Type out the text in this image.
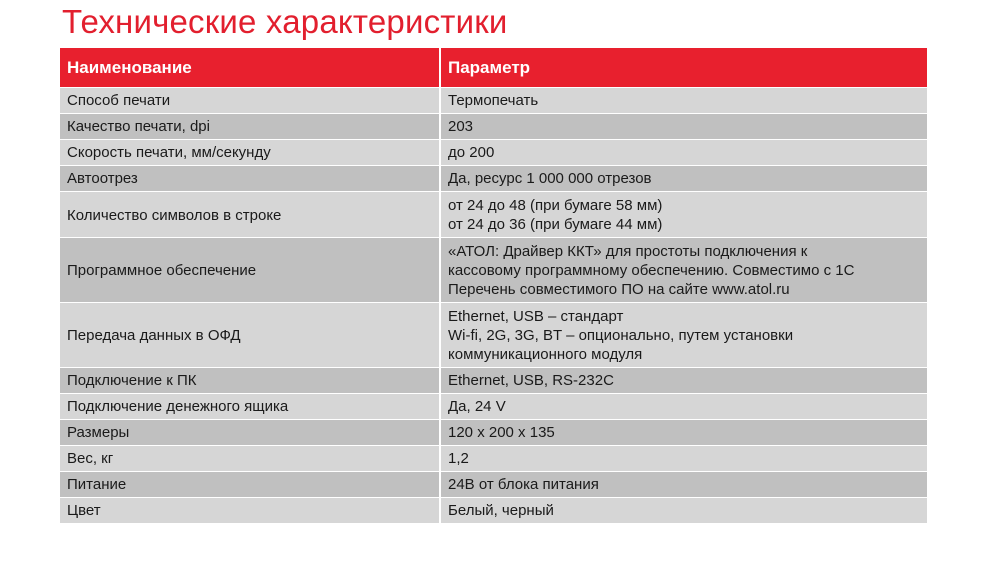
Технические характеристики
Наименование	Параметр
Способ печати	Термопечать

Качество печати, dpi	203

Скорость печати, мм/секунду	до 200

Автоотрез	Да, ресурс 1 000 000 отрезов

Количество символов в строке	от 24 до 48 (при бумаге 58 мм)
от 24 до 36 (при бумаге 44 мм)

Программное обеспечение	«АТОЛ: Драйвер ККТ» для простоты подключения к
кассовому программному обеспечению. Совместимо с 1С
Перечень совместимого ПО на сайте www.atol.ru

Передача данных в ОФД	Ethernet, USB – стандарт
Wi-fi, 2G, 3G, BT – опционально, путем установки
коммуникационного модуля

Подключение к ПК	Ethernet, USB, RS-232C

Подключение денежного ящика	Да, 24 V

Размеры	120 х 200 х 135

Вес, кг	1,2

Питание	24В от блока питания

Цвет	Белый, черный
